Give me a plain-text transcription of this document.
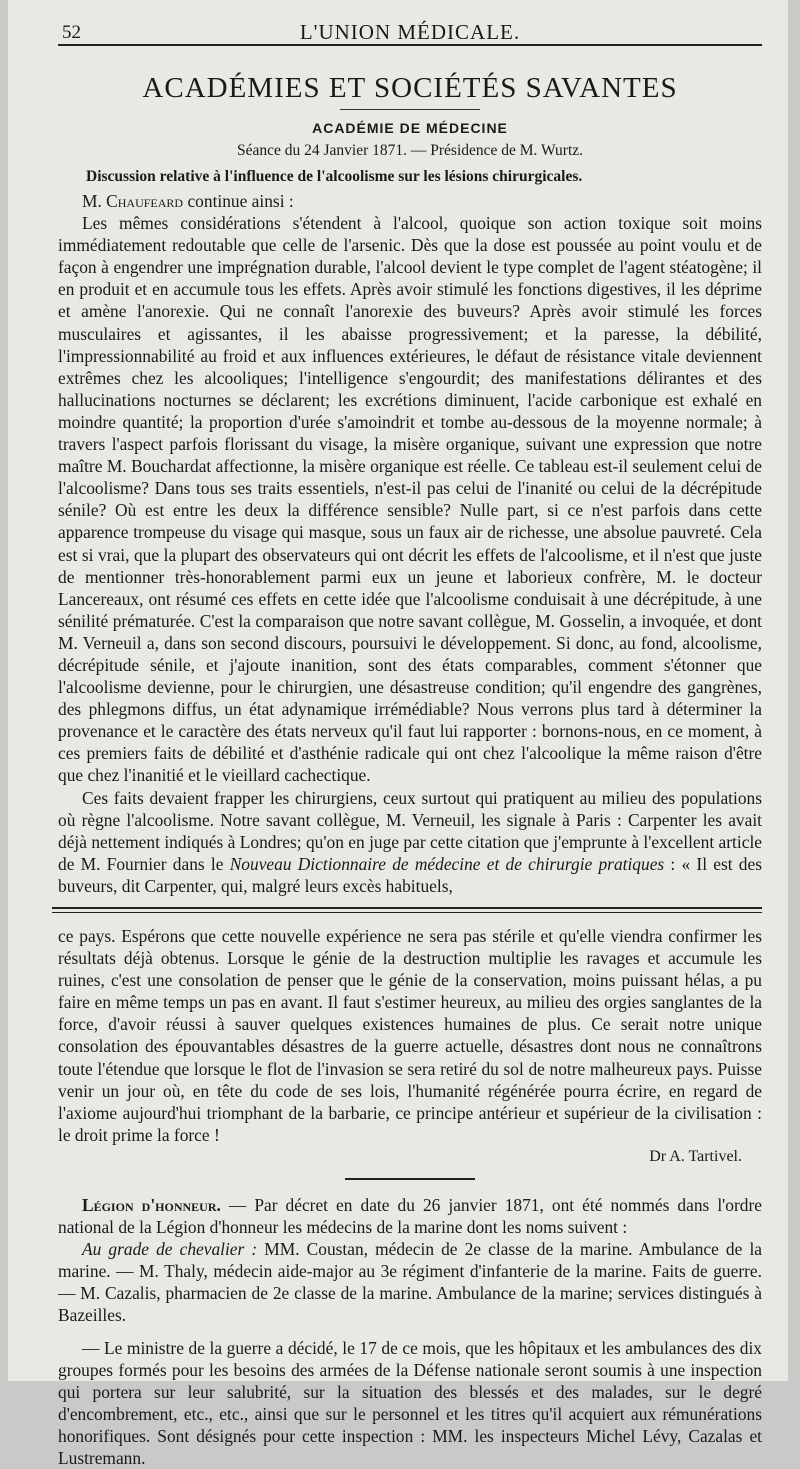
52	L'UNION MÉDICALE.
ACADÉMIES ET SOCIÉTÉS SAVANTES
ACADÉMIE DE MÉDECINE
Séance du 24 Janvier 1871. — Présidence de M. Wurtz.
Discussion relative à l'influence de l'alcoolisme sur les lésions chirurgicales.

M. Chaufeard continue ainsi :

Les mêmes considérations s'étendent à l'alcool, quoique son action toxique soit moins immédiatement redoutable que celle de l'arsenic. Dès que la dose est poussée au point voulu et de façon à engendrer une imprégnation durable, l'alcool devient le type complet de l'agent stéatogène; il en produit et en accumule tous les effets. Après avoir stimulé les fonctions digestives, il les déprime et amène l'anorexie. Qui ne connaît l'anorexie des buveurs? Après avoir stimulé les forces musculaires et agissantes, il les abaisse progressivement; et la paresse, la débilité, l'impressionnabilité au froid et aux influences extérieures, le défaut de résistance vitale deviennent extrêmes chez les alcooliques; l'intelligence s'engourdit; des manifestations délirantes et des hallucinations nocturnes se déclarent; les excrétions diminuent, l'acide carbonique est exhalé en moindre quantité; la proportion d'urée s'amoindrit et tombe au-dessous de la moyenne normale; à travers l'aspect parfois florissant du visage, la misère organique, suivant une expression que notre maître M. Bouchardat affectionne, la misère organique est réelle. Ce tableau est-il seulement celui de l'alcoolisme? Dans tous ses traits essentiels, n'est-il pas celui de l'inanité ou celui de la décrépitude sénile? Où est entre les deux la différence sensible? Nulle part, si ce n'est parfois dans cette apparence trompeuse du visage qui masque, sous un faux air de richesse, une absolue pauvreté. Cela est si vrai, que la plupart des observateurs qui ont décrit les effets de l'alcoolisme, et il n'est que juste de mentionner très-honorablement parmi eux un jeune et laborieux confrère, M. le docteur Lancereaux, ont résumé ces effets en cette idée que l'alcoolisme conduisait à une décrépitude, à une sénilité prématurée. C'est la comparaison que notre savant collègue, M. Gosselin, a invoquée, et dont M. Verneuil a, dans son second discours, poursuivi le développement. Si donc, au fond, alcoolisme, décrépitude sénile, et j'ajoute inanition, sont des états comparables, comment s'étonner que l'alcoolisme devienne, pour le chirurgien, une désastreuse condition; qu'il engendre des gangrènes, des phlegmons diffus, un état adynamique irrémédiable? Nous verrons plus tard à déterminer la provenance et le caractère des états nerveux qu'il faut lui rapporter : bornons-nous, en ce moment, à ces premiers faits de débilité et d'asthénie radicale qui ont chez l'alcoolique la même raison d'être que chez l'inanitié et le vieillard cachectique.

Ces faits devaient frapper les chirurgiens, ceux surtout qui pratiquent au milieu des populations où règne l'alcoolisme. Notre savant collègue, M. Verneuil, les signale à Paris : Carpenter les avait déjà nettement indiqués à Londres; qu'on en juge par cette citation que j'emprunte à l'excellent article de M. Fournier dans le Nouveau Dictionnaire de médecine et de chirurgie pratiques : « Il est des buveurs, dit Carpenter, qui, malgré leurs excès habituels,

ce pays. Espérons que cette nouvelle expérience ne sera pas stérile et qu'elle viendra confirmer les résultats déjà obtenus. Lorsque le génie de la destruction multiplie les ravages et accumule les ruines, c'est une consolation de penser que le génie de la conservation, moins puissant hélas, a pu faire en même temps un pas en avant. Il faut s'estimer heureux, au milieu des orgies sanglantes de la force, d'avoir réussi à sauver quelques existences humaines de plus. Ce serait notre unique consolation des épouvantables désastres de la guerre actuelle, désastres dont nous ne connaîtrons toute l'étendue que lorsque le flot de l'invasion se sera retiré du sol de notre malheureux pays. Puisse venir un jour où, en tête du code de ses lois, l'humanité régénérée pourra écrire, en regard de l'axiome aujourd'hui triomphant de la barbarie, ce principe antérieur et supérieur de la civilisation : le droit prime la force !

Dr A. Tartivel.

Légion d'honneur. — Par décret en date du 26 janvier 1871, ont été nommés dans l'ordre national de la Légion d'honneur les médecins de la marine dont les noms suivent :

Au grade de chevalier : MM. Coustan, médecin de 2e classe de la marine. Ambulance de la marine. — M. Thaly, médecin aide-major au 3e régiment d'infanterie de la marine. Faits de guerre. — M. Cazalis, pharmacien de 2e classe de la marine. Ambulance de la marine; services distingués à Bazeilles.

— Le ministre de la guerre a décidé, le 17 de ce mois, que les hôpitaux et les ambulances des dix groupes formés pour les besoins des armées de la Défense nationale seront soumis à une inspection qui portera sur leur salubrité, sur la situation des blessés et des malades, sur le degré d'encombrement, etc., etc., ainsi que sur le personnel et les titres qu'il acquiert aux rémunérations honorifiques. Sont désignés pour cette inspection : MM. les inspecteurs Michel Lévy, Cazalas et Lustremann.
